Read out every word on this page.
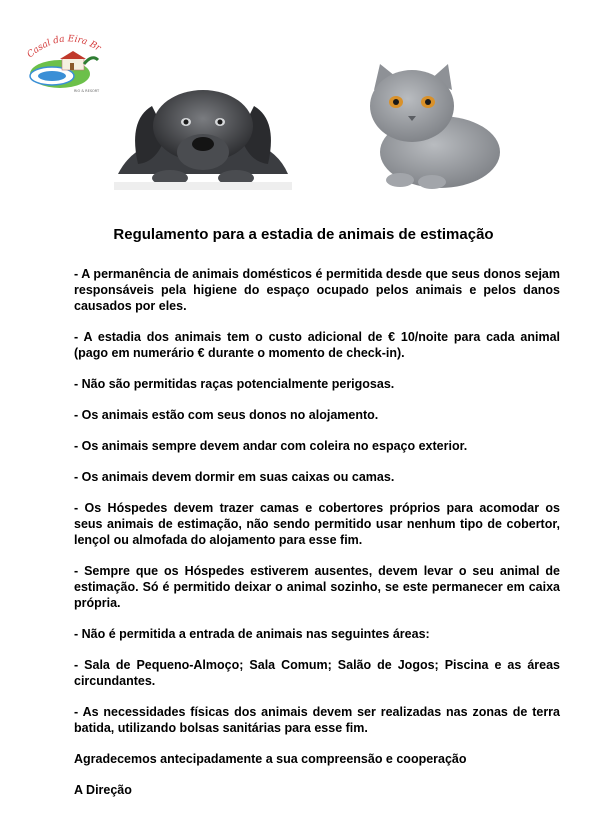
Casal da Eira Br
RIO & RESORT
Regulamento para a estadia de animais de estimação

- A permanência de animais domésticos é permitida desde que seus donos sejam responsáveis pela higiene do espaço ocupado pelos animais e pelos danos causados por eles.

- A estadia dos animais tem o custo adicional de € 10/noite para cada animal (pago em numerário € durante o momento de check-in).

- Não são permitidas raças potencialmente perigosas.

- Os animais estão com seus donos no alojamento.

- Os animais sempre devem andar com coleira no espaço exterior.

- Os animais devem dormir em suas caixas ou camas.

- Os Hóspedes devem trazer camas e cobertores próprios para acomodar os seus animais de estimação, não sendo permitido usar nenhum tipo de cobertor, lençol ou almofada do alojamento para esse fim.

- Sempre que os Hóspedes estiverem ausentes, devem levar o seu animal de estimação. Só é permitido deixar o animal sozinho, se este permanecer em caixa própria.

- Não é permitida a entrada de animais nas seguintes áreas:

- Sala de Pequeno-Almoço; Sala Comum; Salão de Jogos; Piscina e as áreas circundantes.

- As necessidades físicas dos animais devem ser realizadas nas zonas de terra batida, utilizando bolsas sanitárias para esse fim.

Agradecemos antecipadamente a sua compreensão e cooperação

A Direção
